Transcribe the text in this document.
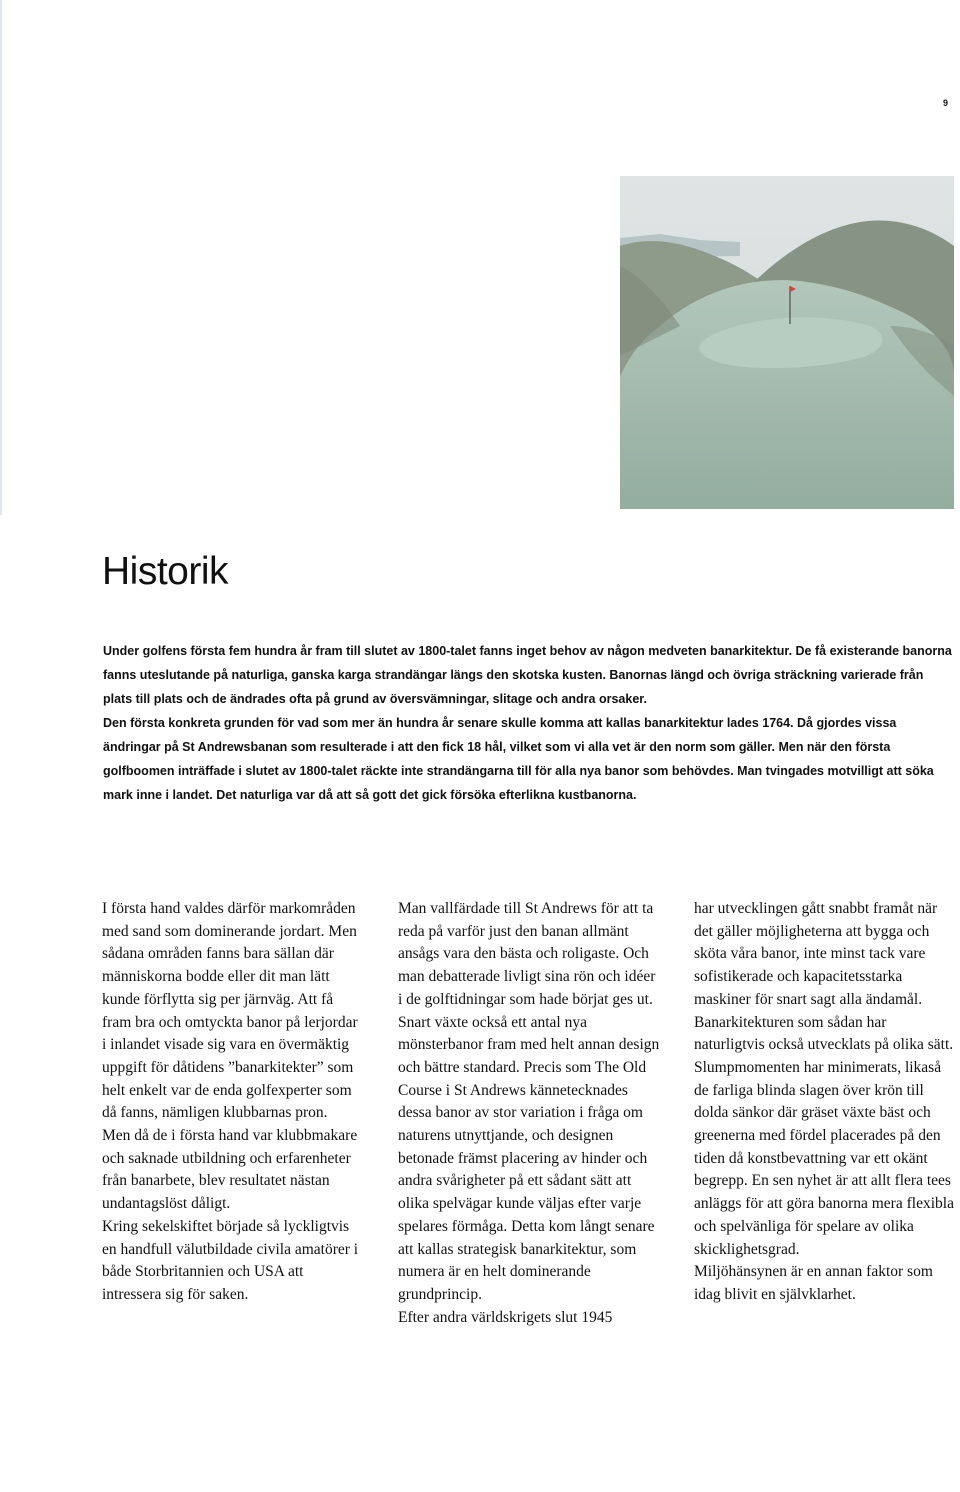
9
Historik

Under golfens första fem hundra år fram till slutet av 1800-talet fanns inget behov av någon medveten banarkitektur. De få existerande banorna fanns uteslutande på naturliga, ganska karga strandängar längs den skotska kusten. Banornas längd och övriga sträckning varierade från plats till plats och de ändrades ofta på grund av översvämningar, slitage och andra orsaker.

Den första konkreta grunden för vad som mer än hundra år senare skulle komma att kallas banarkitektur lades 1764. Då gjordes vissa ändringar på St Andrewsbanan som resulterade i att den fick 18 hål, vilket som vi alla vet är den norm som gäller. Men när den första golfboomen inträffade i slutet av 1800-talet räckte inte strandängarna till för alla nya banor som behövdes. Man tvingades motvilligt att söka mark inne i landet. Det naturliga var då att så gott det gick försöka efterlikna kustbanorna.

I första hand valdes därför markområden med sand som dominerande jordart. Men sådana områden fanns bara sällan där människorna bodde eller dit man lätt kunde förflytta sig per järnväg. Att få fram bra och omtyckta banor på lerjordar i inlandet visade sig vara en övermäktig uppgift för dåtidens ”banarkitekter” som helt enkelt var de enda golfexperter som då fanns, nämligen klubbarnas pron.

Men då de i första hand var klubbmakare och saknade utbildning och erfarenheter från banarbete, blev resultatet nästan undantagslöst dåligt.

Kring sekelskiftet började så lyckligtvis en handfull välutbildade civila amatörer i både Storbritannien och USA att intressera sig för saken.

Man vallfärdade till St Andrews för att ta reda på varför just den banan allmänt ansågs vara den bästa och roligaste. Och man debatterade livligt sina rön och idéer i de golftidningar som hade börjat ges ut.

Snart växte också ett antal nya mönsterbanor fram med helt annan design och bättre standard. Precis som The Old Course i St Andrews kännetecknades dessa banor av stor variation i fråga om naturens utnyttjande, och designen betonade främst placering av hinder och andra svårigheter på ett sådant sätt att olika spelvägar kunde väljas efter varje spelares förmåga. Detta kom långt senare att kallas strategisk banarkitektur, som numera är en helt dominerande grundprincip.

Efter andra världskrigets slut 1945

har utvecklingen gått snabbt framåt när det gäller möjligheterna att bygga och sköta våra banor, inte minst tack vare sofistikerade och kapacitetsstarka maskiner för snart sagt alla ändamål.

Banarkitekturen som sådan har naturligtvis också utvecklats på olika sätt. Slumpmomenten har minimerats, likaså de farliga blinda slagen över krön till dolda sänkor där gräset växte bäst och greenerna med fördel placerades på den tiden då konstbevattning var ett okänt begrepp. En sen nyhet är att allt flera tees anläggs för att göra banorna mera flexibla och spelvänliga för spelare av olika skicklighetsgrad.

Miljöhänsynen är en annan faktor som idag blivit en självklarhet.
